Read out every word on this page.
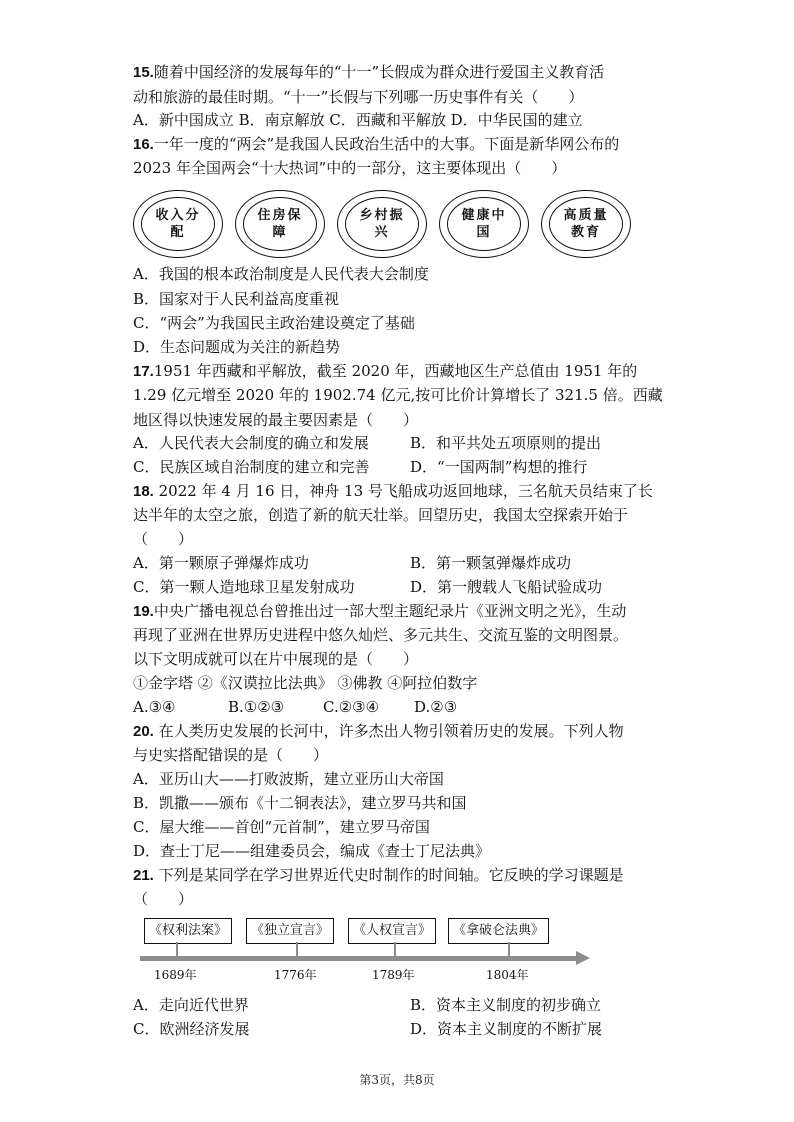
15.随着中国经济的发展每年的“十一”长假成为群众进行爱国主义教育活
动和旅游的最佳时期。“十一”长假与下列哪一历史事件有关（　　）
A．新中国成立 B．南京解放 C．西藏和平解放 D．中华民国的建立
16.一年一度的“两会”是我国人民政治生活中的大事。下面是新华网公布的
2023 年全国两会“十大热词”中的一部分，这主要体现出（　　）
收入分配
住房保障
乡村振兴
健康中国
高质量教育
A．我国的根本政治制度是人民代表大会制度
B．国家对于人民利益高度重视
C．“两会”为我国民主政治建设奠定了基础
D．生态问题成为关注的新趋势
17.1951 年西藏和平解放，截至 2020 年，西藏地区生产总值由 1951 年的
1.29 亿元增至 2020 年的 1902.74 亿元,按可比价计算增长了 321.5 倍。西藏
地区得以快速发展的最主要因素是（　　）
A．人民代表大会制度的确立和发展	B．和平共处五项原则的提出
C．民族区域自治制度的建立和完善	D．“一国两制”构想的推行
18. 2022 年 4 月 16 日，神舟 13 号飞船成功返回地球，三名航天员结束了长
达半年的太空之旅，创造了新的航天壮举。回望历史，我国太空探索开始于
（　　）
A．第一颗原子弹爆炸成功	B．第一颗氢弹爆炸成功
C．第一颗人造地球卫星发射成功	D．第一艘载人飞船试验成功
19.中央广播电视总台曾推出过一部大型主题纪录片《亚洲文明之光》，生动
再现了亚洲在世界历史进程中悠久灿烂、多元共生、交流互鉴的文明图景。
以下文明成就可以在片中展现的是（　　）
①金字塔 ②《汉谟拉比法典》 ③佛教 ④阿拉伯数字
A.③④	B.①②③	C.②③④ D.②③
20. 在人类历史发展的长河中，许多杰出人物引领着历史的发展。下列人物
与史实搭配错误的是（　　）
A．亚历山大——打败波斯，建立亚历山大帝国
B．凯撒——颁布《十二铜表法》，建立罗马共和国
C．屋大维——首创“元首制”，建立罗马帝国
D．查士丁尼——组建委员会，编成《查士丁尼法典》
21. 下列是某同学在学习世界近代史时制作的时间轴。它反映的学习课题是
（　　）
《权利法案》	《独立宣言》	《人权宣言》	《拿破仑法典》
1689年	1776年	1789年	1804年
A．走向近代世界	B．资本主义制度的初步确立
C．欧洲经济发展	D．资本主义制度的不断扩展
第3页，共8页
